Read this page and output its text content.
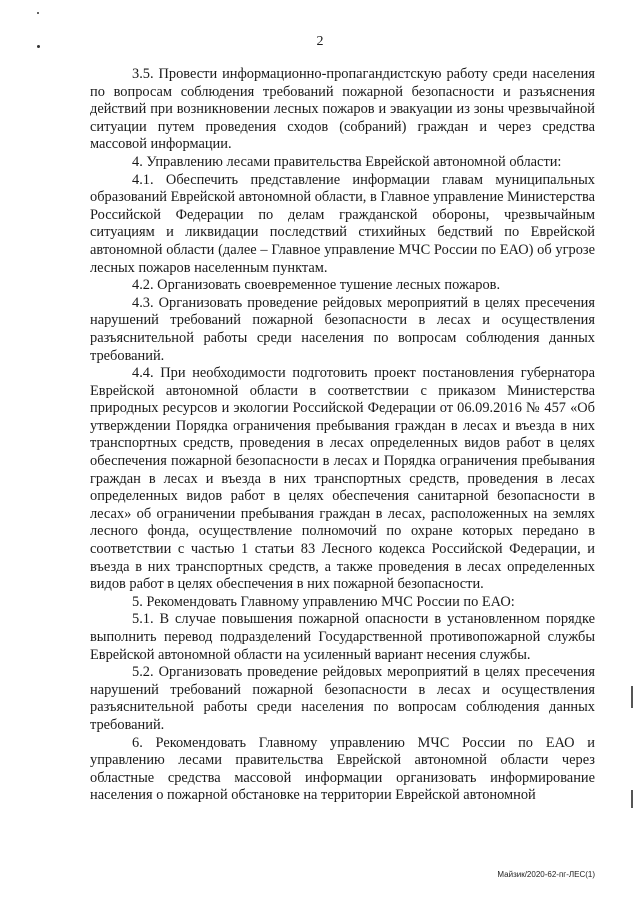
2

3.5. Провести информационно-пропагандистскую работу среди населения по вопросам соблюдения требований пожарной безопасности и разъяснения действий при возникновении лесных пожаров и эвакуации из зоны чрезвычайной ситуации путем проведения сходов (собраний) граждан и через средства массовой информации.

4. Управлению лесами правительства Еврейской автономной области:

4.1. Обеспечить представление информации главам муниципальных образований Еврейской автономной области, в Главное управление Министерства Российской Федерации по делам гражданской обороны, чрезвычайным ситуациям и ликвидации последствий стихийных бедствий по Еврейской автономной области (далее – Главное управление МЧС России по ЕАО) об угрозе лесных пожаров населенным пунктам.

4.2. Организовать своевременное тушение лесных пожаров.

4.3. Организовать проведение рейдовых мероприятий в целях пресечения нарушений требований пожарной безопасности в лесах и осуществления разъяснительной работы среди населения по вопросам соблюдения данных требований.

4.4. При необходимости подготовить проект постановления губернатора Еврейской автономной области в соответствии с приказом Министерства природных ресурсов и экологии Российской Федерации от 06.09.2016 № 457 «Об утверждении Порядка ограничения пребывания граждан в лесах и въезда в них транспортных средств, проведения в лесах определенных видов работ в целях обеспечения пожарной безопасности в лесах и Порядка ограничения пребывания граждан в лесах и въезда в них транспортных средств, проведения в лесах определенных видов работ в целях обеспечения санитарной безопасности в лесах» об ограничении пребывания граждан в лесах, расположенных на землях лесного фонда, осуществление полномочий по охране которых передано в соответствии с частью 1 статьи 83 Лесного кодекса Российской Федерации, и въезда в них транспортных средств, а также проведения в лесах определенных видов работ в целях обеспечения в них пожарной безопасности.

5. Рекомендовать Главному управлению МЧС России по ЕАО:

5.1. В случае повышения пожарной опасности в установленном порядке выполнить перевод подразделений Государственной противопожарной службы Еврейской автономной области на усиленный вариант несения службы.

5.2. Организовать проведение рейдовых мероприятий в целях пресечения нарушений требований пожарной безопасности в лесах и осуществления разъяснительной работы среди населения по вопросам соблюдения данных требований.

6. Рекомендовать Главному управлению МЧС России по ЕАО и управлению лесами правительства Еврейской автономной области через областные средства массовой информации организовать информирование населения о пожарной обстановке на территории Еврейской автономной

Майзик/2020-62-пг-ЛЕС(1)
